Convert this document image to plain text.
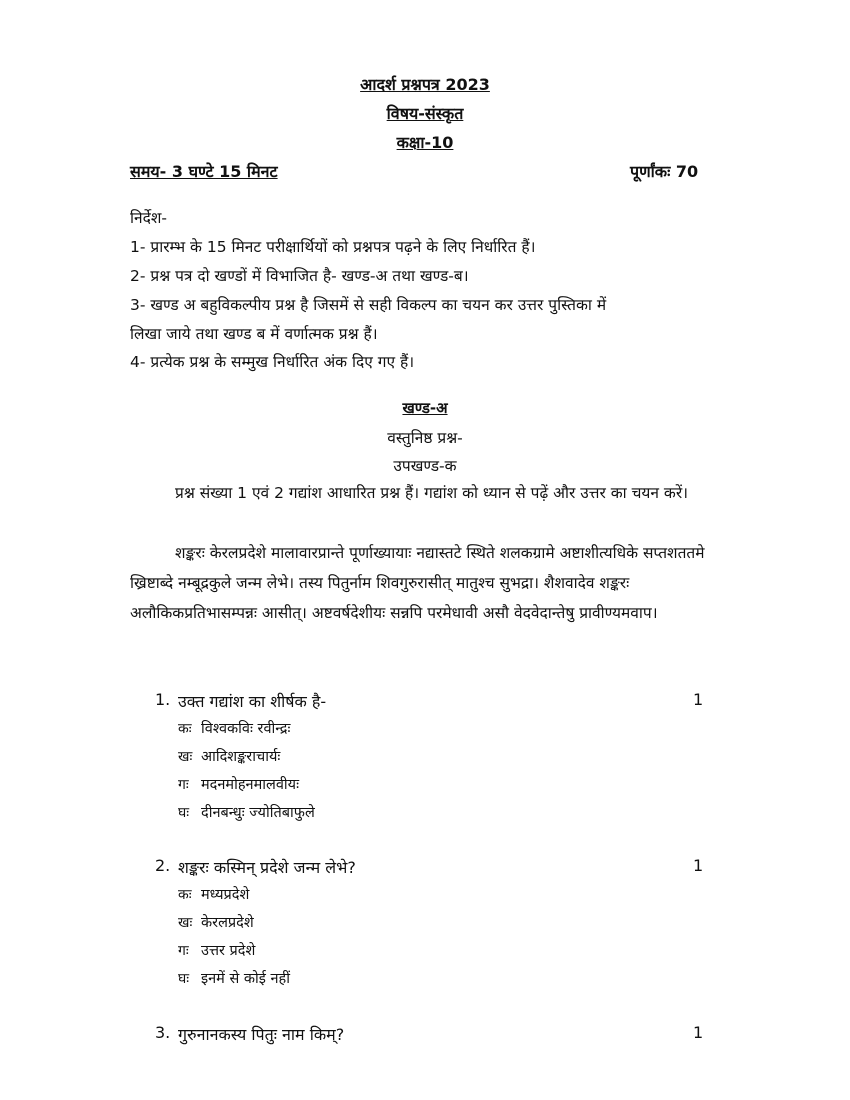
आदर्श प्रश्नपत्र 2023
विषय-संस्कृत
कक्षा-10
समय- 3 घण्टे 15 मिनट	पूर्णांकः 70
निर्देश-
1- प्रारम्भ के 15 मिनट परीक्षार्थियों को प्रश्नपत्र पढ़ने के लिए निर्धारित हैं।
2- प्रश्न पत्र दो खण्डों में विभाजित है- खण्ड-अ तथा खण्ड-ब।
3- खण्ड अ बहुविकल्पीय प्रश्न है जिसमें से सही विकल्प का चयन कर उत्तर पुस्तिका में
लिखा जाये तथा खण्ड ब में वर्णात्मक प्रश्न हैं।
4- प्रत्येक प्रश्न के सम्मुख निर्धारित अंक दिए गए हैं।
खण्ड-अ
वस्तुनिष्ठ प्रश्न-
उपखण्ड-क
प्रश्न संख्या 1 एवं 2 गद्यांश आधारित प्रश्न हैं। गद्यांश को ध्यान से पढ़ें और उत्तर का चयन करें।
शङ्करः केरलप्रदेशे मालावारप्रान्ते पूर्णाख्यायाः नद्यास्तटे स्थिते शलकग्रामे अष्टाशीत्यधिके सप्तशततमे ख्रिष्टाब्दे नम्बूद्रकुले जन्म लेभे। तस्य पितुर्नाम शिवगुरुरासीत् मातुश्च सुभद्रा। शैशवादेव शङ्करः अलौकिकप्रतिभासम्पन्नः आसीत्। अष्टवर्षदेशीयः सन्नपि परमेधावी असौ वेदवेदान्तेषु प्रावीण्यमवाप।
1. उक्त गद्यांश का शीर्षक है-	1
कः विश्वकविः रवीन्द्रः
खः आदिशङ्कराचार्यः
गः मदनमोहनमालवीयः
घः दीनबन्धुः ज्योतिबाफुले
2. शङ्करः कस्मिन् प्रदेशे जन्म लेभे?	1
कः मध्यप्रदेशे
खः केरलप्रदेशे
गः उत्तर प्रदेशे
घः इनमें से कोई नहीं
3. गुरुनानकस्य पितुः नाम किम्?	1
